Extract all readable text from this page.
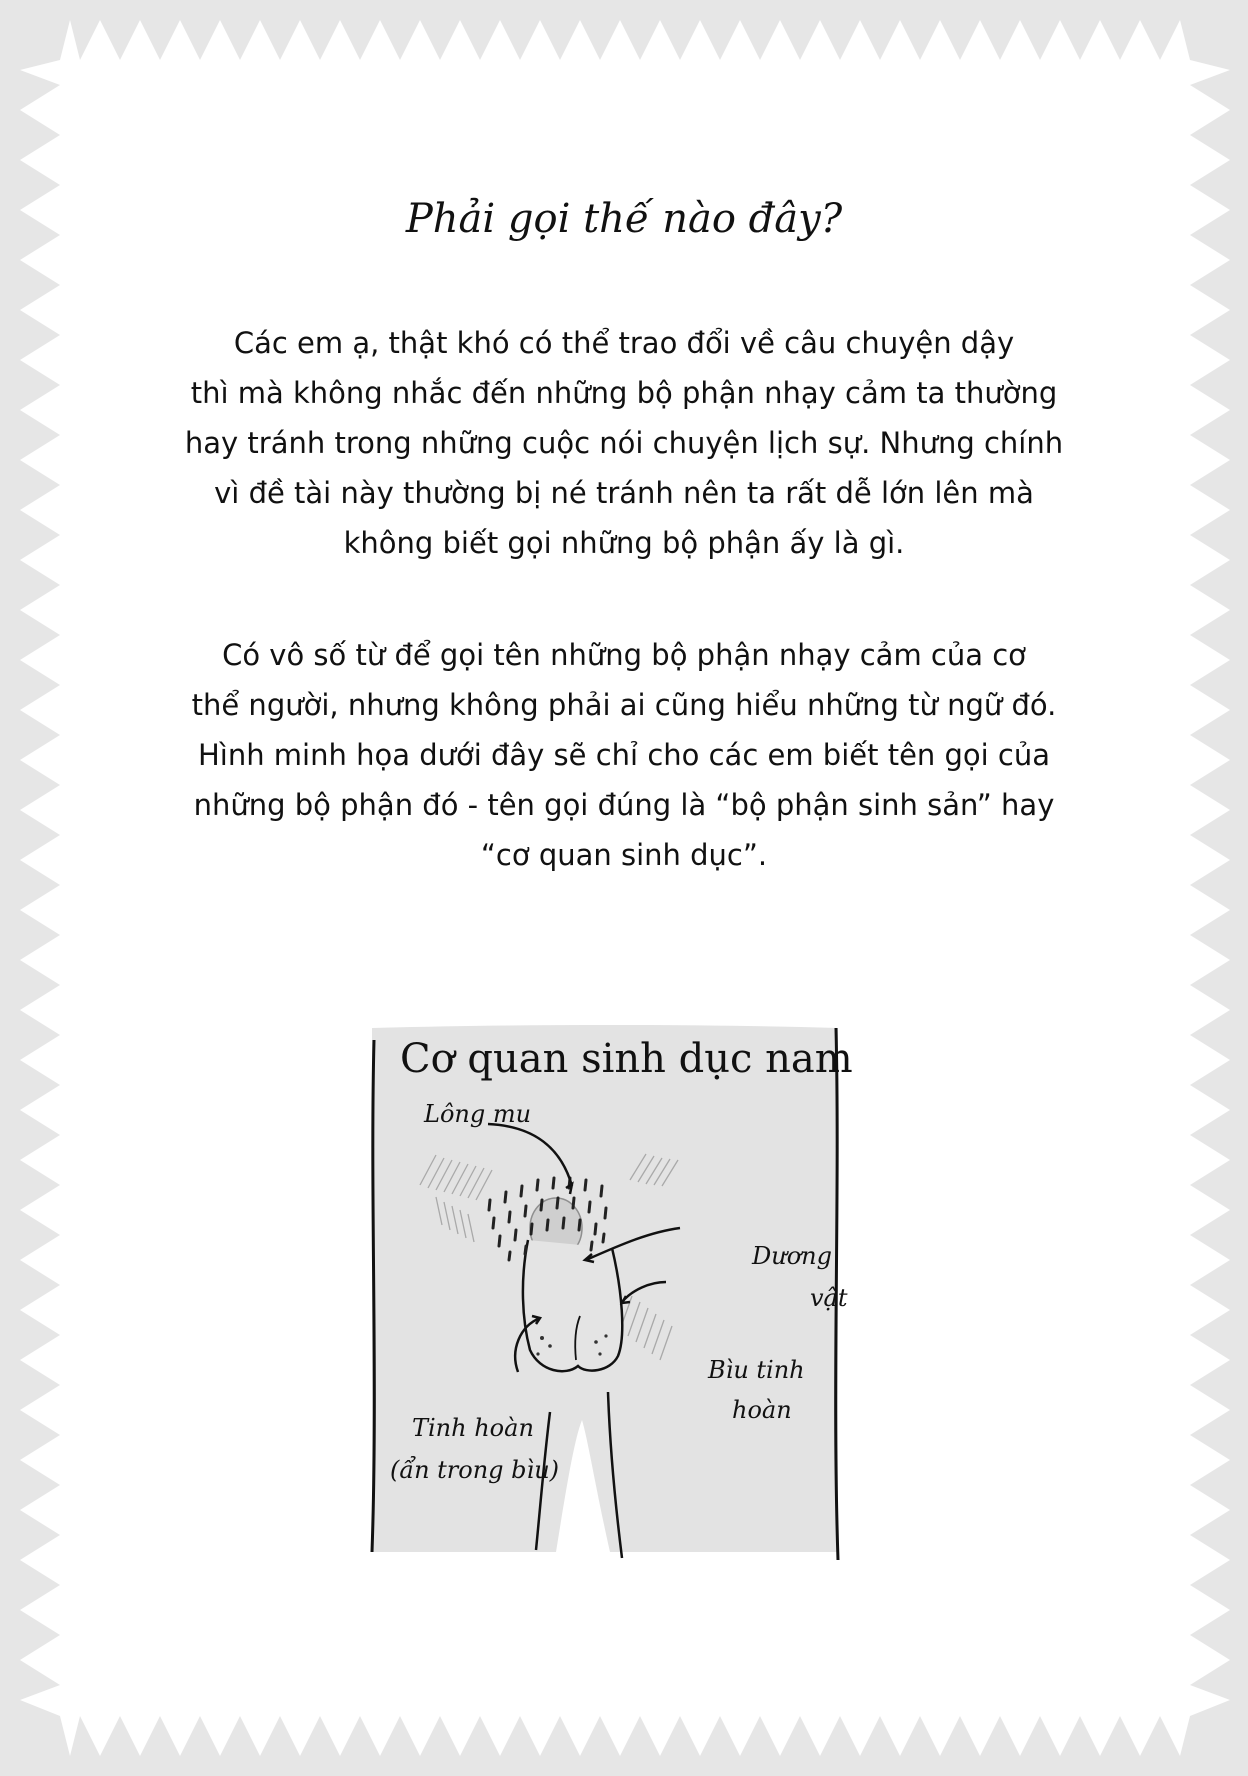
Phải gọi thế nào đây?

Các em ạ, thật khó có thể trao đổi về câu chuyện dậy
thì mà không nhắc đến những bộ phận nhạy cảm ta thường
hay tránh trong những cuộc nói chuyện lịch sự. Nhưng chính
vì đề tài này thường bị né tránh nên ta rất dễ lớn lên mà
không biết gọi những bộ phận ấy là gì.

Có vô số từ để gọi tên những bộ phận nhạy cảm của cơ
thể người, nhưng không phải ai cũng hiểu những từ ngữ đó.
Hình minh họa dưới đây sẽ chỉ cho các em biết tên gọi của
những bộ phận đó - tên gọi đúng là “bộ phận sinh sản” hay
“cơ quan sinh dục”.

Cơ quan sinh dục nam

Lông mu
Dương
vật
Bìu tinh
hoàn
Tinh hoàn
(ẩn trong bìu)
